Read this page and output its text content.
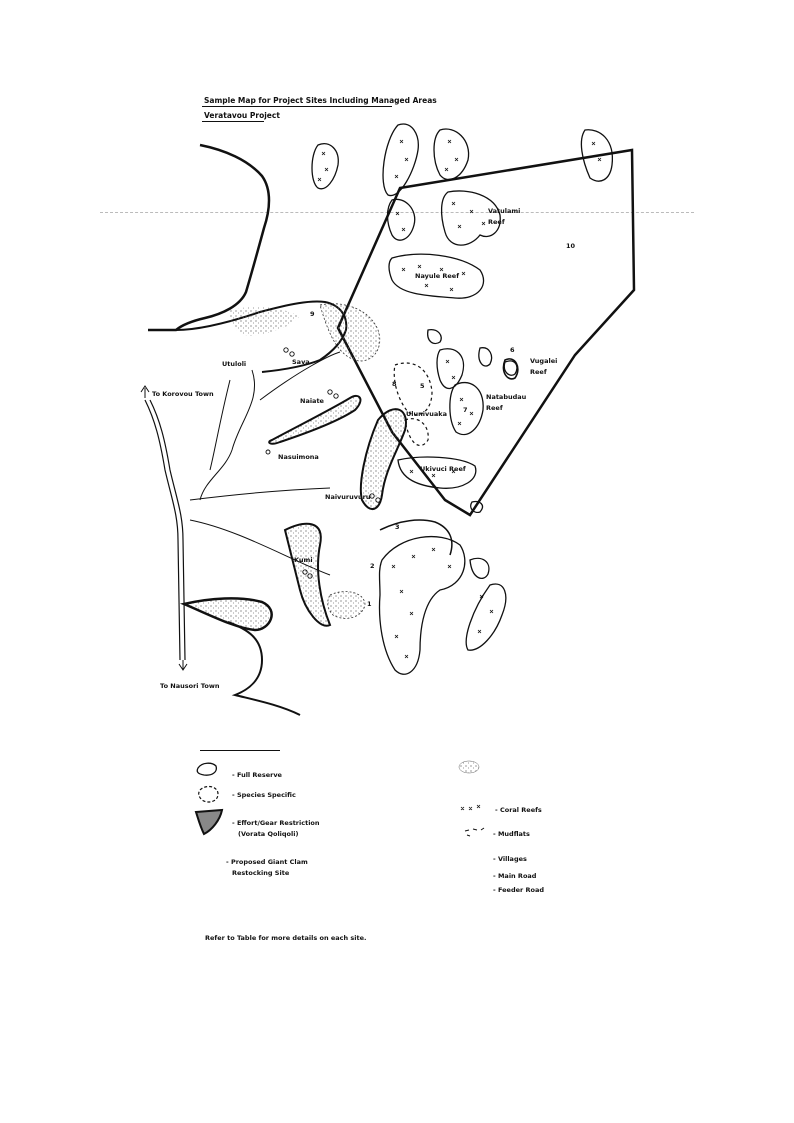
Sample Map for Project Sites Including Managed Areas
Veratavou Project
Vatulami
Reef
Nayule Reef
Ulunivuaka
Vugalei
Reef
Natabudau
Reef
Ukivuci Reef
Utuloli	Sava
Naiate
Nasuimona
Naivuruvuru
Kumi
To Korovou Town
To Nausori Town
1
2
3
5
6
7
8
9
10
- Full Reserve
- Species Specific
- Effort/Gear Restriction
(Vorata Qoliqoli)
- Proposed Giant Clam
Restocking Site
- Coral Reefs
- Mudflats
- Villages
- Main Road
- Feeder Road
Refer to Table for more details on each site.
